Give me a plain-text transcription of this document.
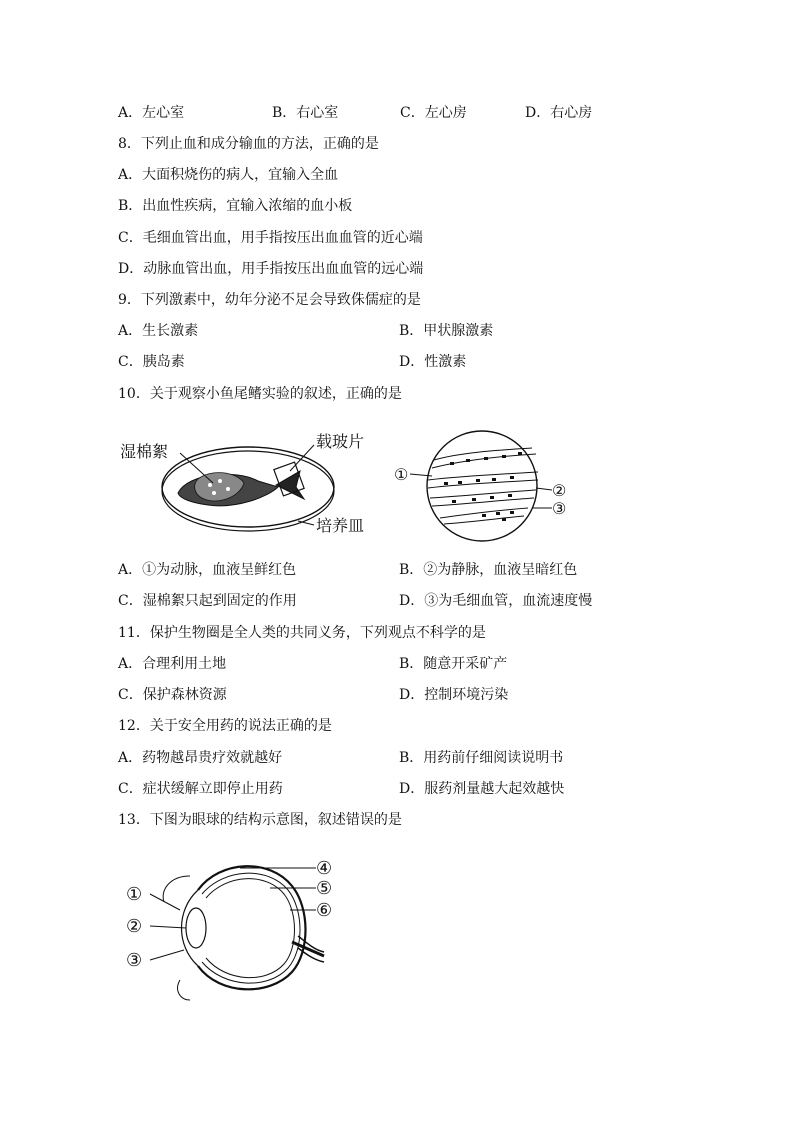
A．左心室	B．右心室	C．左心房	D．右心房
8．下列止血和成分输血的方法，正确的是
A．大面积烧伤的病人，宜输入全血
B．出血性疾病，宜输入浓缩的血小板
C．毛细血管出血，用手指按压出血血管的近心端
D．动脉血管出血，用手指按压出血血管的远心端
9．下列激素中，幼年分泌不足会导致侏儒症的是
A．生长激素	B．甲状腺激素
C．胰岛素	D．性激素
10．关于观察小鱼尾鳍实验的叙述，正确的是
湿棉絮
载玻片
培养皿
①
②
③
A．①为动脉，血液呈鲜红色	B．②为静脉，血液呈暗红色
C．湿棉絮只起到固定的作用	D．③为毛细血管，血流速度慢
11．保护生物圈是全人类的共同义务，下列观点不科学的是
A．合理利用土地	B．随意开采矿产
C．保护森林资源	D．控制环境污染
12．关于安全用药的说法正确的是
A．药物越昂贵疗效就越好	B．用药前仔细阅读说明书
C．症状缓解立即停止用药	D．服药剂量越大起效越快
13．下图为眼球的结构示意图，叙述错误的是
①
②
③
④
⑤
⑥
